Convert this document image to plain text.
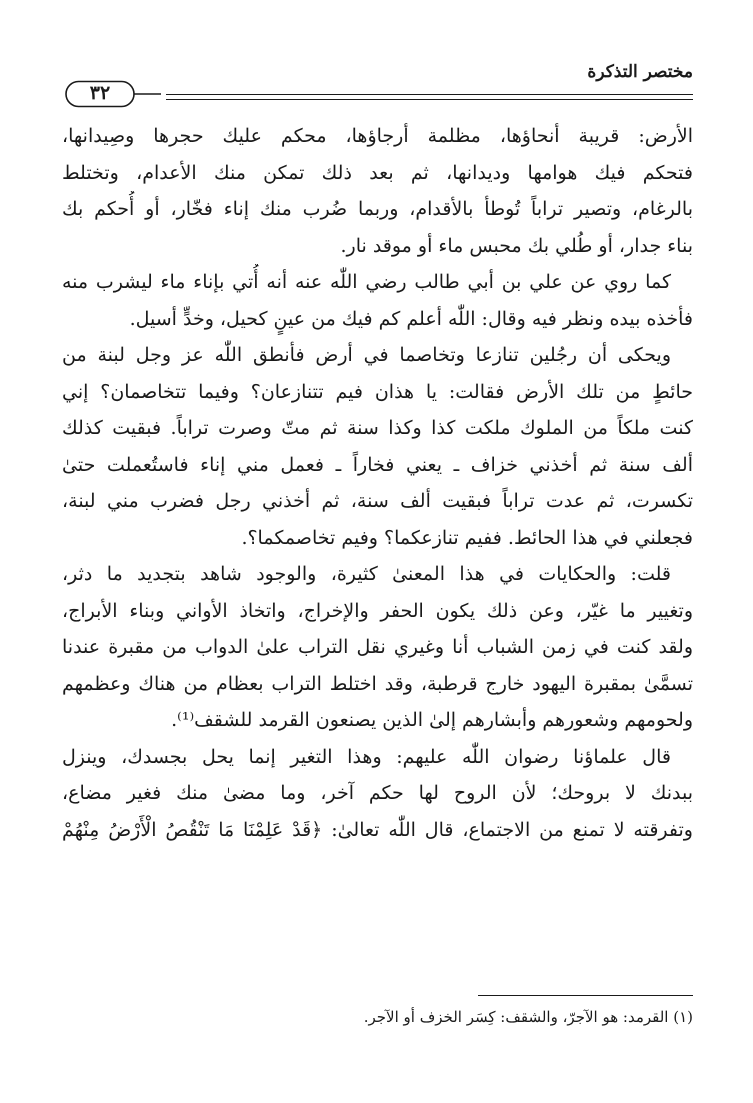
مختصر التذكرة
٣٢
الأرض: قريبة أنحاؤها، مظلمة أرجاؤها، محكم عليك حجرها وصِيدانها،
فتحكم فيك هوامها وديدانها، ثم بعد ذلك تمكن منك الأعدام، وتختلط
بالرغام، وتصير تراباً تُوطأ بالأقدام، وربما ضُرب منك إناء فخّار، أو أُحكم بك
بناء جدار، أو طُلي بك محبس ماء أو موقد نار.
كما روي عن علي بن أبي طالب رضي اللّٰه عنه أنه أُتي بإناء ماء ليشرب منه
فأخذه بيده ونظر فيه وقال: اللّٰه أعلم كم فيك من عينٍ كحيل، وخدٍّ أسيل.
ويحكى أن رجُلين تنازعا وتخاصما في أرض فأنطق اللّٰه عز وجل لبنة من
حائطٍ من تلك الأرض فقالت: يا هذان فيم تتنازعان؟ وفيما تتخاصمان؟ إني
كنت ملكاً من الملوك ملكت كذا وكذا سنة ثم متّ وصرت تراباً. فبقيت كذلك
ألف سنة ثم أخذني خزاف ـ يعني فخاراً ـ فعمل مني إناء فاستُعملت حتىٰ
تكسرت، ثم عدت تراباً فبقيت ألف سنة، ثم أخذني رجل فضرب مني لبنة،
فجعلني في هذا الحائط. ففيم تنازعكما؟ وفيم تخاصمكما؟.
قلت: والحكايات في هذا المعنىٰ كثيرة، والوجود شاهد بتجديد ما دثر،
وتغيير ما غيّر، وعن ذلك يكون الحفر والإخراج، واتخاذ الأواني وبناء الأبراج،
ولقد كنت في زمن الشباب أنا وغيري نقل التراب علىٰ الدواب من مقبرة عندنا
تسمَّىٰ بمقبرة اليهود خارج قرطبة، وقد اختلط التراب بعظام من هناك وعظمهم
ولحومهم وشعورهم وأبشارهم إلىٰ الذين يصنعون القرمد للشقف⁽¹⁾.
قال علماؤنا رضوان اللّٰه عليهم: وهذا التغير إنما يحل بجسدك، وينزل
ببدنك لا بروحك؛ لأن الروح لها حكم آخر، وما مضىٰ منك فغير مضاع،
وتفرقته لا تمنع من الاجتماع، قال اللّٰه تعالىٰ: ﴿قَدْ عَلِمْنَا مَا تَنْقُصُ الْأَرْضُ مِنْهُمْ
(١) القرمد: هو الآجرّ، والشقف: كِسَر الخزف أو الآجر.
